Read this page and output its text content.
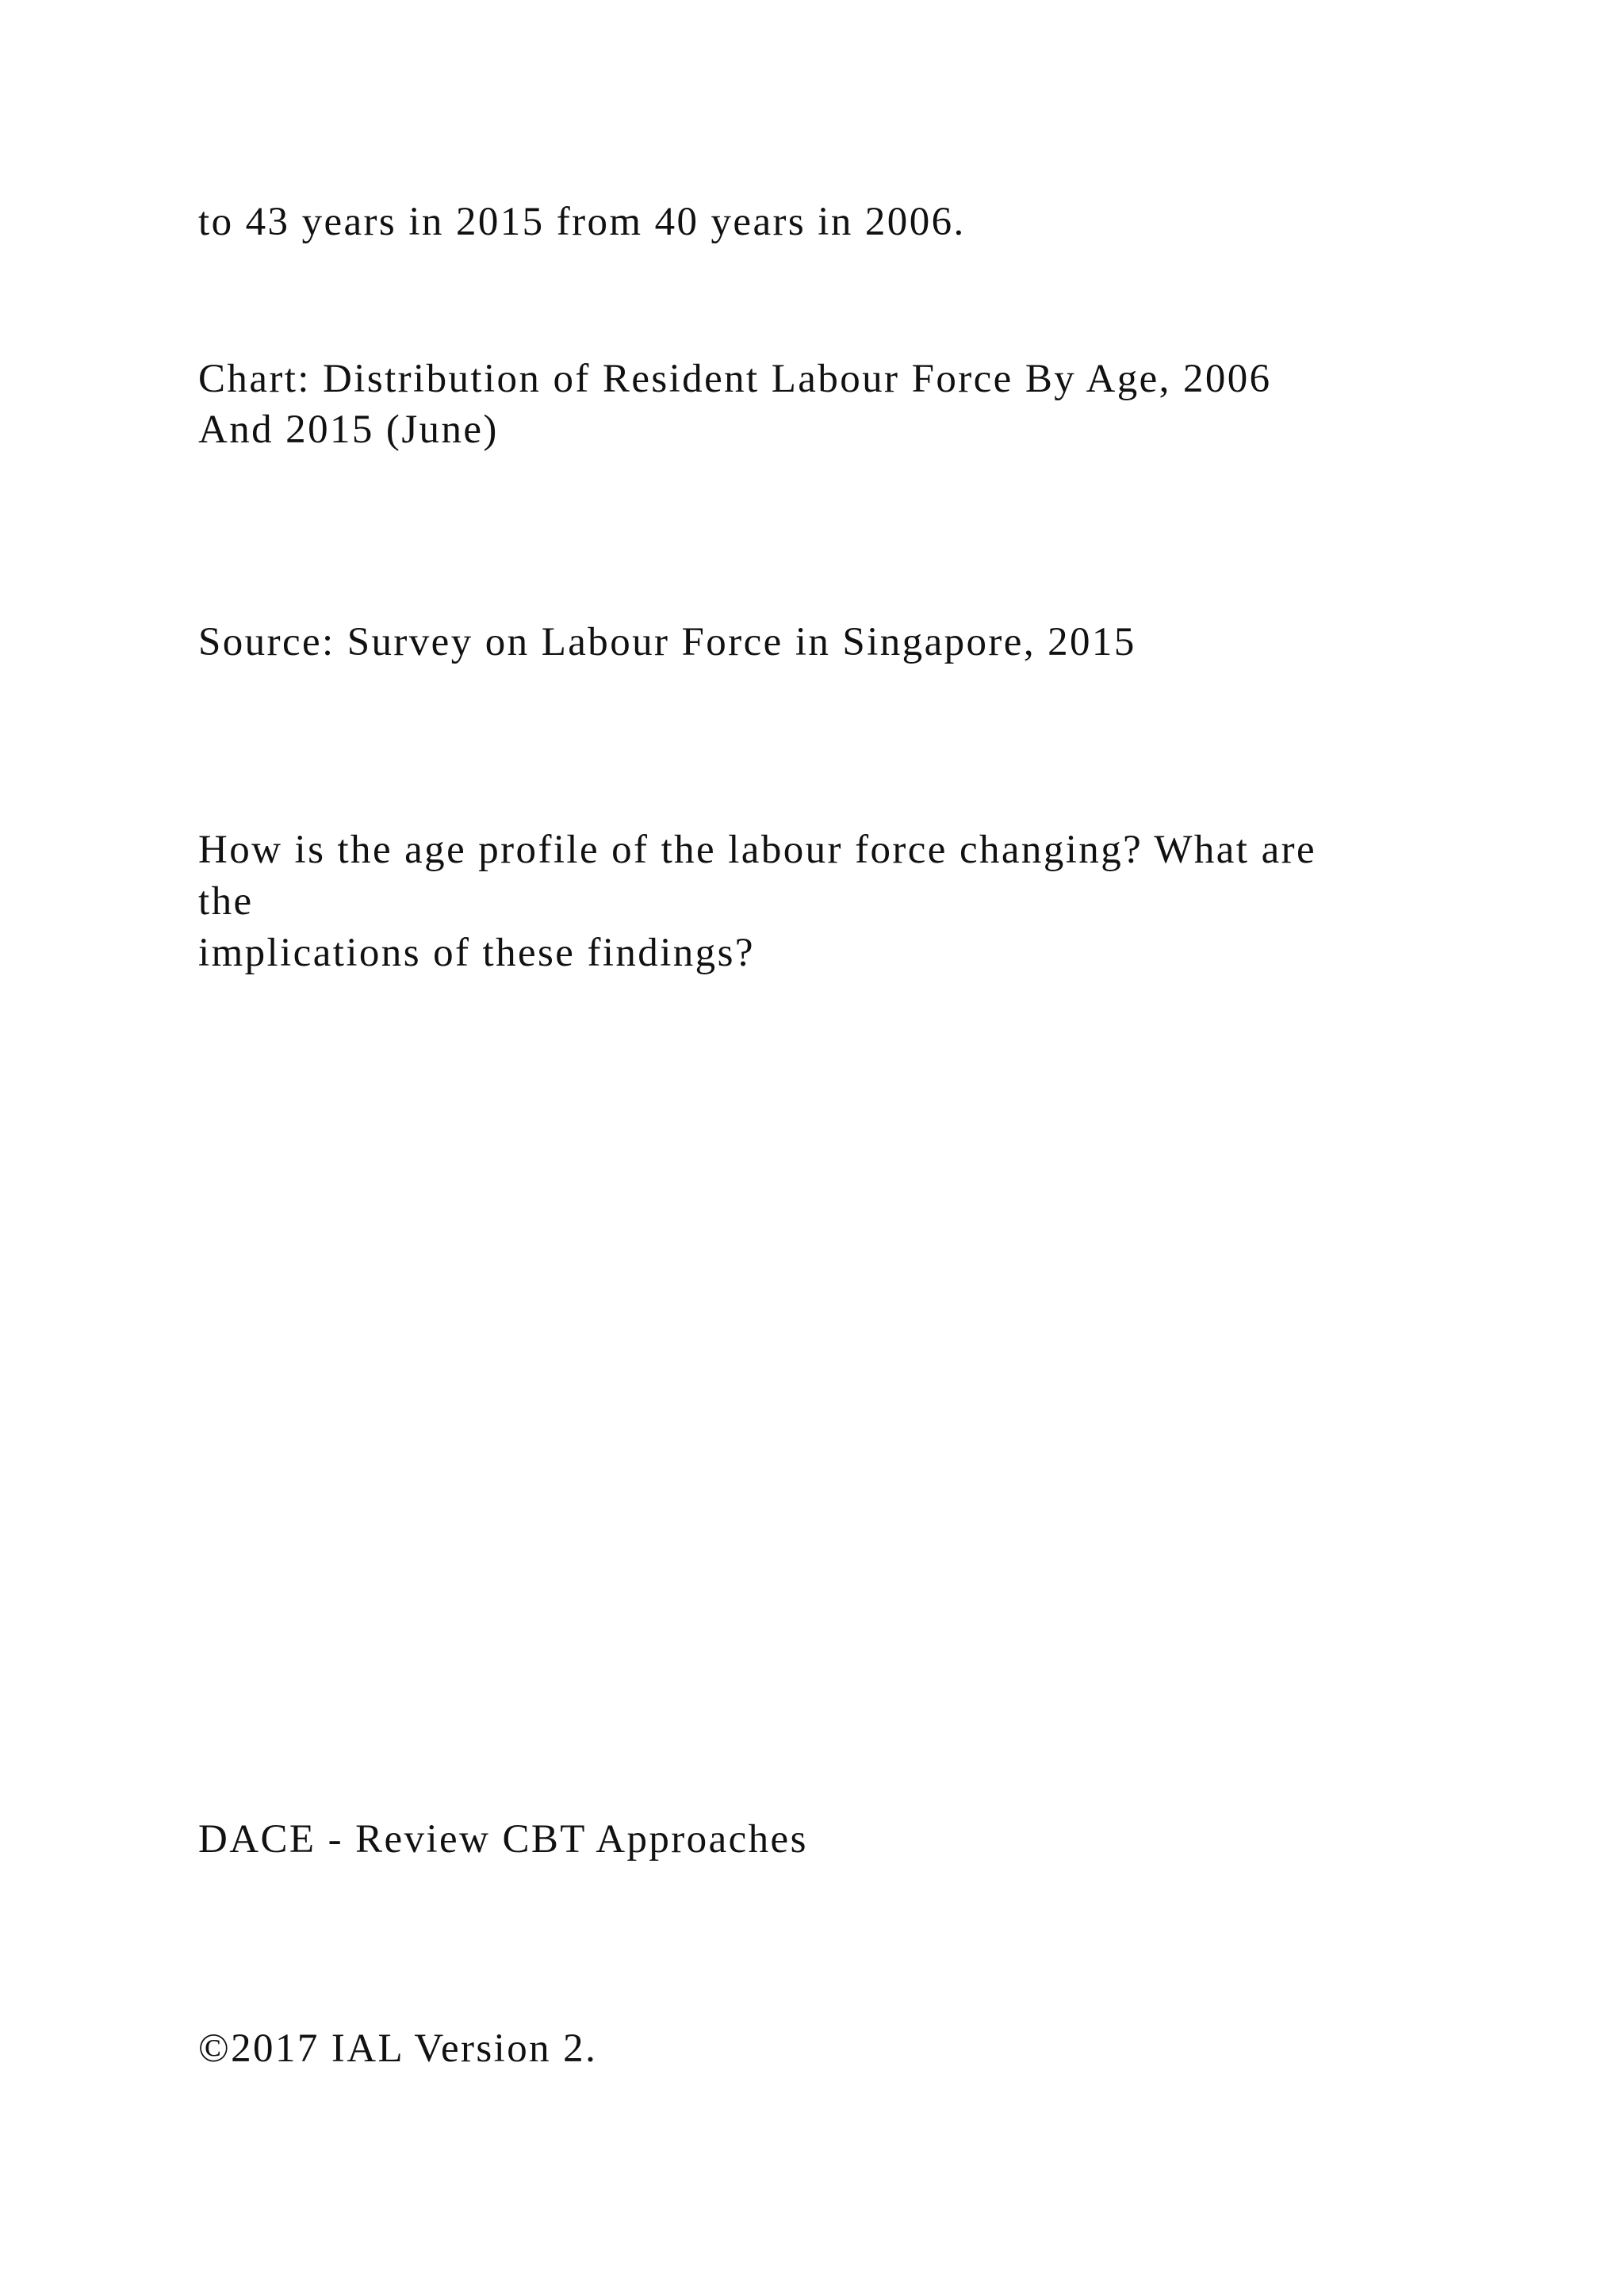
to 43 years in 2015 from 40 years in 2006.

Chart: Distribution of Resident Labour Force By Age, 2006

And 2015 (June)

Source: Survey on Labour Force in Singapore, 2015

How is the age profile of the labour force changing? What are

the

implications of these findings?

DACE - Review CBT Approaches

©2017 IAL Version 2.
